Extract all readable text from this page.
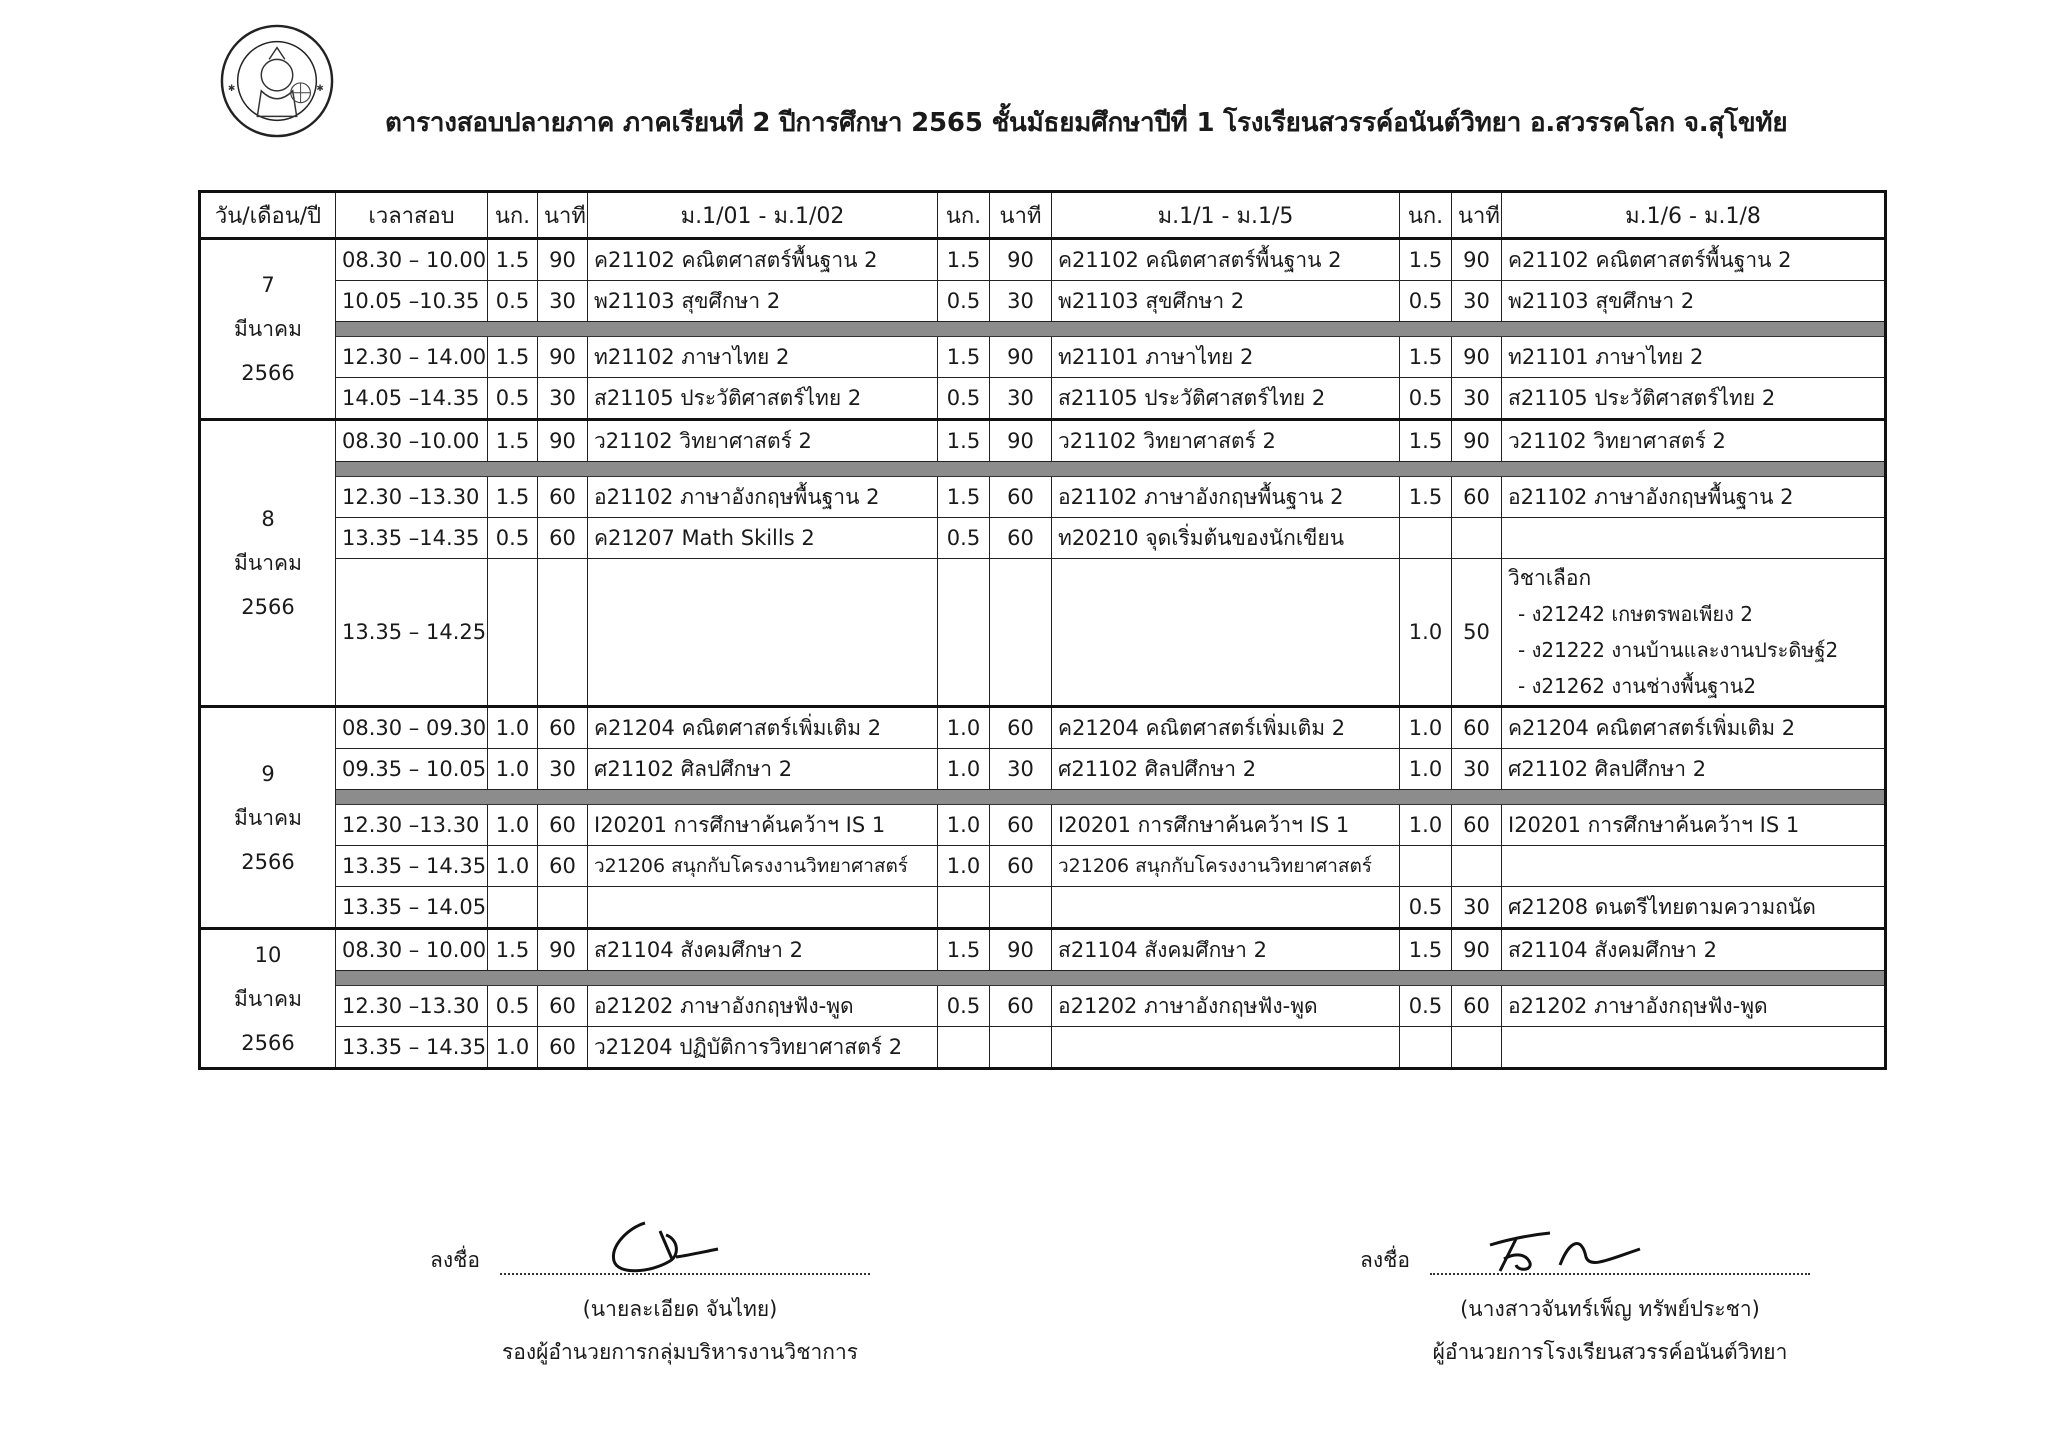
✱	✱
ตารางสอบปลายภาค ภาคเรียนที่ 2 ปีการศึกษา 2565 ชั้นมัธยมศึกษาปีที่ 1 โรงเรียนสวรรค์อนันต์วิทยา อ.สวรรคโลก จ.สุโขทัย
วัน/เดือน/ปี	เวลาสอบ	นก.	นาที	ม.1/01 - ม.1/02	นก.	นาที	ม.1/1 - ม.1/5	นก.	นาที	ม.1/6 - ม.1/8

7
มีนาคม
2566	08.30 – 10.00	1.5	90	ค21102 คณิตศาสตร์พื้นฐาน 2	1.5	90	ค21102 คณิตศาสตร์พื้นฐาน 2	1.5	90	ค21102 คณิตศาสตร์พื้นฐาน 2
	10.05 –10.35	0.5	30	พ21103 สุขศึกษา 2	0.5	30	พ21103 สุขศึกษา 2	0.5	30	พ21103 สุขศึกษา 2

	12.30 – 14.00	1.5	90	ท21102 ภาษาไทย 2	1.5	90	ท21101 ภาษาไทย 2	1.5	90	ท21101 ภาษาไทย 2
	14.05 –14.35	0.5	30	ส21105 ประวัติศาสตร์ไทย 2	0.5	30	ส21105 ประวัติศาสตร์ไทย 2	0.5	30	ส21105 ประวัติศาสตร์ไทย 2

8
มีนาคม
2566	08.30 –10.00	1.5	90	ว21102 วิทยาศาสตร์ 2	1.5	90	ว21102 วิทยาศาสตร์ 2	1.5	90	ว21102 วิทยาศาสตร์ 2

	12.30 –13.30	1.5	60	อ21102 ภาษาอังกฤษพื้นฐาน 2	1.5	60	อ21102 ภาษาอังกฤษพื้นฐาน 2	1.5	60	อ21102 ภาษาอังกฤษพื้นฐาน 2
	13.35 –14.35	0.5	60	ค21207 Math Skills 2	0.5	60	ท20210 จุดเริ่มต้นของนักเขียน			
	13.35 – 14.25							1.0	50	วิชาเลือก
- ง21242 เกษตรพอเพียง 2
- ง21222 งานบ้านและงานประดิษฐ์2
- ง21262 งานช่างพื้นฐาน2

9
มีนาคม
2566	08.30 – 09.30	1.0	60	ค21204 คณิตศาสตร์เพิ่มเติม 2	1.0	60	ค21204 คณิตศาสตร์เพิ่มเติม 2	1.0	60	ค21204 คณิตศาสตร์เพิ่มเติม 2
	09.35 – 10.05	1.0	30	ศ21102 ศิลปศึกษา 2	1.0	30	ศ21102 ศิลปศึกษา 2	1.0	30	ศ21102 ศิลปศึกษา 2

	12.30 –13.30	1.0	60	I20201 การศึกษาค้นคว้าฯ IS 1	1.0	60	I20201 การศึกษาค้นคว้าฯ IS 1	1.0	60	I20201 การศึกษาค้นคว้าฯ IS 1
	13.35 – 14.35	1.0	60	ว21206 สนุกกับโครงงานวิทยาศาสตร์	1.0	60	ว21206 สนุกกับโครงงานวิทยาศาสตร์			
	13.35 – 14.05							0.5	30	ศ21208 ดนตรีไทยตามความถนัด

10
มีนาคม
2566	08.30 – 10.00	1.5	90	ส21104 สังคมศึกษา 2	1.5	90	ส21104 สังคมศึกษา 2	1.5	90	ส21104 สังคมศึกษา 2

	12.30 –13.30	0.5	60	อ21202 ภาษาอังกฤษฟัง-พูด	0.5	60	อ21202 ภาษาอังกฤษฟัง-พูด	0.5	60	อ21202 ภาษาอังกฤษฟัง-พูด
	13.35 – 14.35	1.0	60	ว21204 ปฏิบัติการวิทยาศาสตร์ 2						
ลงชื่อ
(นายละเอียด จันไทย)
รองผู้อำนวยการกลุ่มบริหารงานวิชาการ
ลงชื่อ
(นางสาวจันทร์เพ็ญ ทรัพย์ประชา)
ผู้อำนวยการโรงเรียนสวรรค์อนันต์วิทยา
